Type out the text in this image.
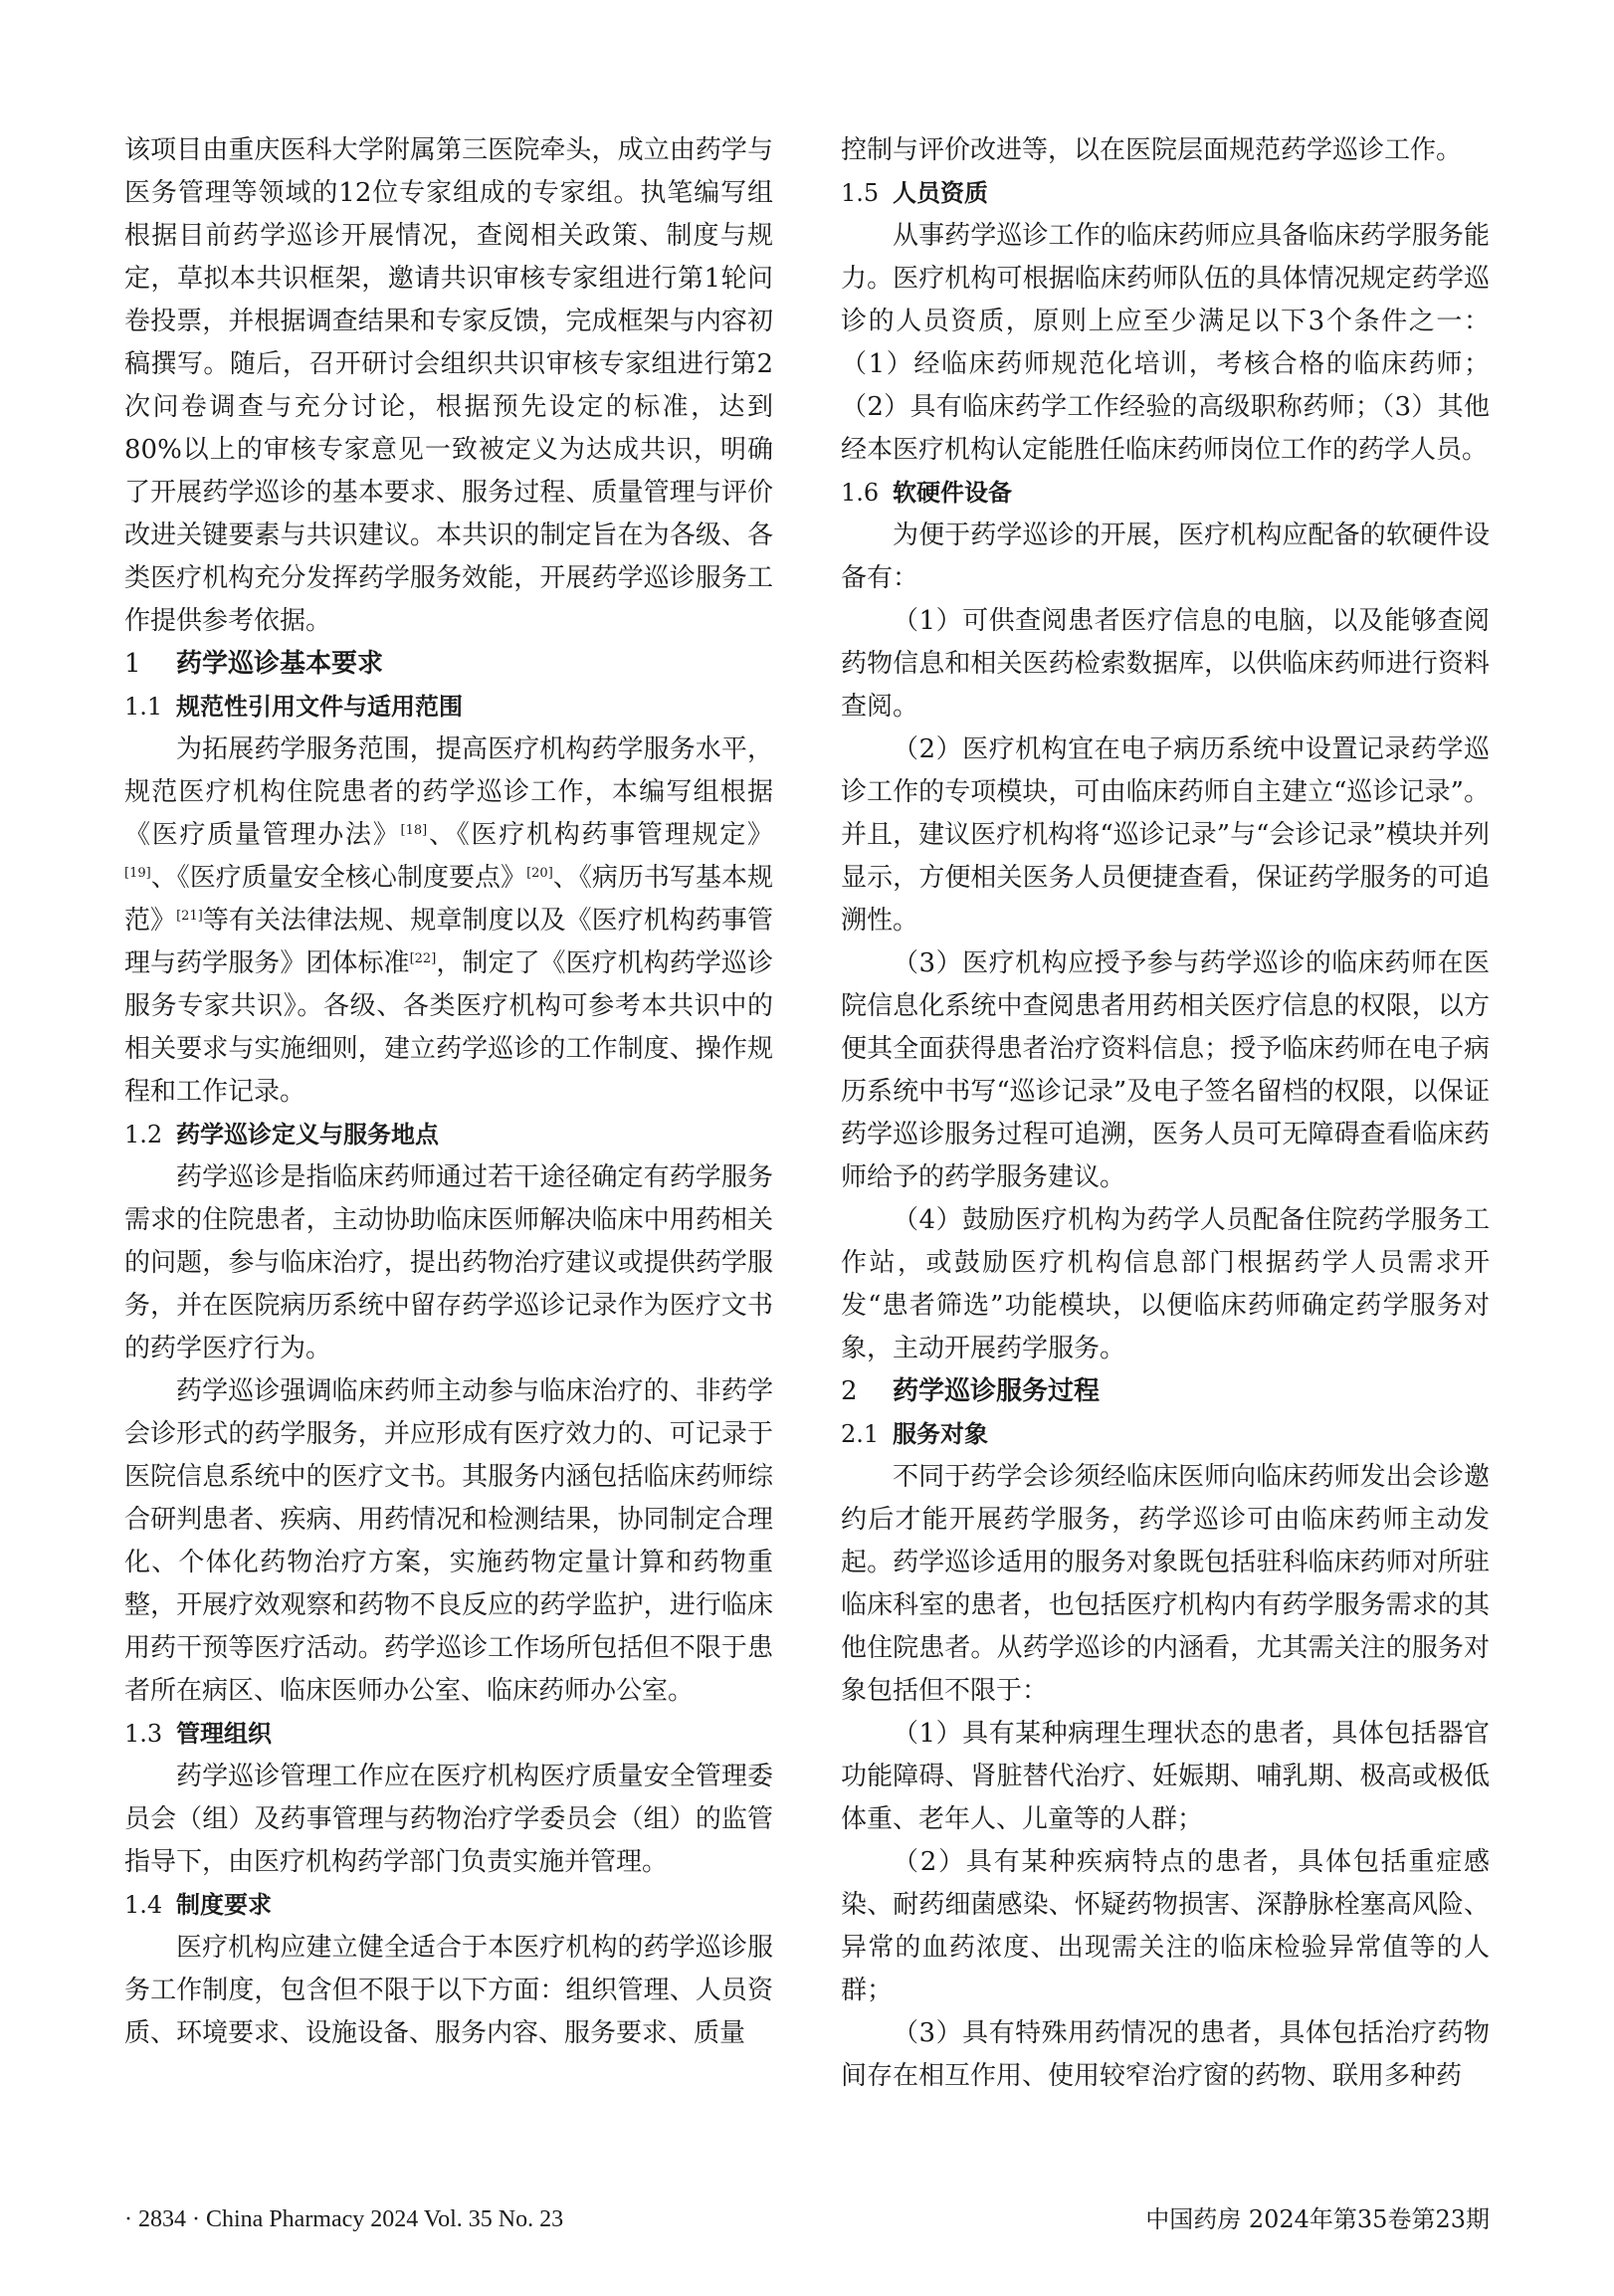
该项目由重庆医科大学附属第三医院牵头，成立由药学与医务管理等领域的12位专家组成的专家组。执笔编写组根据目前药学巡诊开展情况，查阅相关政策、制度与规定，草拟本共识框架，邀请共识审核专家组进行第1轮问卷投票，并根据调查结果和专家反馈，完成框架与内容初稿撰写。随后，召开研讨会组织共识审核专家组进行第2次问卷调查与充分讨论，根据预先设定的标准，达到80%以上的审核专家意见一致被定义为达成共识，明确了开展药学巡诊的基本要求、服务过程、质量管理与评价改进关键要素与共识建议。本共识的制定旨在为各级、各类医疗机构充分发挥药学服务效能，开展药学巡诊服务工作提供参考依据。

1 药学巡诊基本要求
1.1 规范性引用文件与适用范围

为拓展药学服务范围，提高医疗机构药学服务水平，规范医疗机构住院患者的药学巡诊工作，本编写组根据《医疗质量管理办法》[18]、《医疗机构药事管理规定》[19]、《医疗质量安全核心制度要点》[20]、《病历书写基本规范》[21]等有关法律法规、规章制度以及《医疗机构药事管理与药学服务》团体标准[22]，制定了《医疗机构药学巡诊服务专家共识》。各级、各类医疗机构可参考本共识中的相关要求与实施细则，建立药学巡诊的工作制度、操作规程和工作记录。

1.2 药学巡诊定义与服务地点

药学巡诊是指临床药师通过若干途径确定有药学服务需求的住院患者，主动协助临床医师解决临床中用药相关的问题，参与临床治疗，提出药物治疗建议或提供药学服务，并在医院病历系统中留存药学巡诊记录作为医疗文书的药学医疗行为。

药学巡诊强调临床药师主动参与临床治疗的、非药学会诊形式的药学服务，并应形成有医疗效力的、可记录于医院信息系统中的医疗文书。其服务内涵包括临床药师综合研判患者、疾病、用药情况和检测结果，协同制定合理化、个体化药物治疗方案，实施药物定量计算和药物重整，开展疗效观察和药物不良反应的药学监护，进行临床用药干预等医疗活动。药学巡诊工作场所包括但不限于患者所在病区、临床医师办公室、临床药师办公室。

1.3 管理组织

药学巡诊管理工作应在医疗机构医疗质量安全管理委员会（组）及药事管理与药物治疗学委员会（组）的监管指导下，由医疗机构药学部门负责实施并管理。

1.4 制度要求

医疗机构应建立健全适合于本医疗机构的药学巡诊服务工作制度，包含但不限于以下方面：组织管理、人员资质、环境要求、设施设备、服务内容、服务要求、质量

控制与评价改进等，以在医院层面规范药学巡诊工作。

1.5 人员资质

从事药学巡诊工作的临床药师应具备临床药学服务能力。医疗机构可根据临床药师队伍的具体情况规定药学巡诊的人员资质，原则上应至少满足以下3个条件之一：（1）经临床药师规范化培训，考核合格的临床药师；（2）具有临床药学工作经验的高级职称药师；（3）其他经本医疗机构认定能胜任临床药师岗位工作的药学人员。

1.6 软硬件设备

为便于药学巡诊的开展，医疗机构应配备的软硬件设备有：

（1）可供查阅患者医疗信息的电脑，以及能够查阅药物信息和相关医药检索数据库，以供临床药师进行资料查阅。

（2）医疗机构宜在电子病历系统中设置记录药学巡诊工作的专项模块，可由临床药师自主建立“巡诊记录”。并且，建议医疗机构将“巡诊记录”与“会诊记录”模块并列显示，方便相关医务人员便捷查看，保证药学服务的可追溯性。

（3）医疗机构应授予参与药学巡诊的临床药师在医院信息化系统中查阅患者用药相关医疗信息的权限，以方便其全面获得患者治疗资料信息；授予临床药师在电子病历系统中书写“巡诊记录”及电子签名留档的权限，以保证药学巡诊服务过程可追溯，医务人员可无障碍查看临床药师给予的药学服务建议。

（4）鼓励医疗机构为药学人员配备住院药学服务工作站，或鼓励医疗机构信息部门根据药学人员需求开发“患者筛选”功能模块，以便临床药师确定药学服务对象，主动开展药学服务。

2 药学巡诊服务过程
2.1 服务对象

不同于药学会诊须经临床医师向临床药师发出会诊邀约后才能开展药学服务，药学巡诊可由临床药师主动发起。药学巡诊适用的服务对象既包括驻科临床药师对所驻临床科室的患者，也包括医疗机构内有药学服务需求的其他住院患者。从药学巡诊的内涵看，尤其需关注的服务对象包括但不限于：

（1）具有某种病理生理状态的患者，具体包括器官功能障碍、肾脏替代治疗、妊娠期、哺乳期、极高或极低体重、老年人、儿童等的人群；

（2）具有某种疾病特点的患者，具体包括重症感染、耐药细菌感染、怀疑药物损害、深静脉栓塞高风险、异常的血药浓度、出现需关注的临床检验异常值等的人群；

（3）具有特殊用药情况的患者，具体包括治疗药物间存在相互作用、使用较窄治疗窗的药物、联用多种药

· 2834 · China Pharmacy 2024 Vol. 35 No. 23	中国药房 2024年第35卷第23期
